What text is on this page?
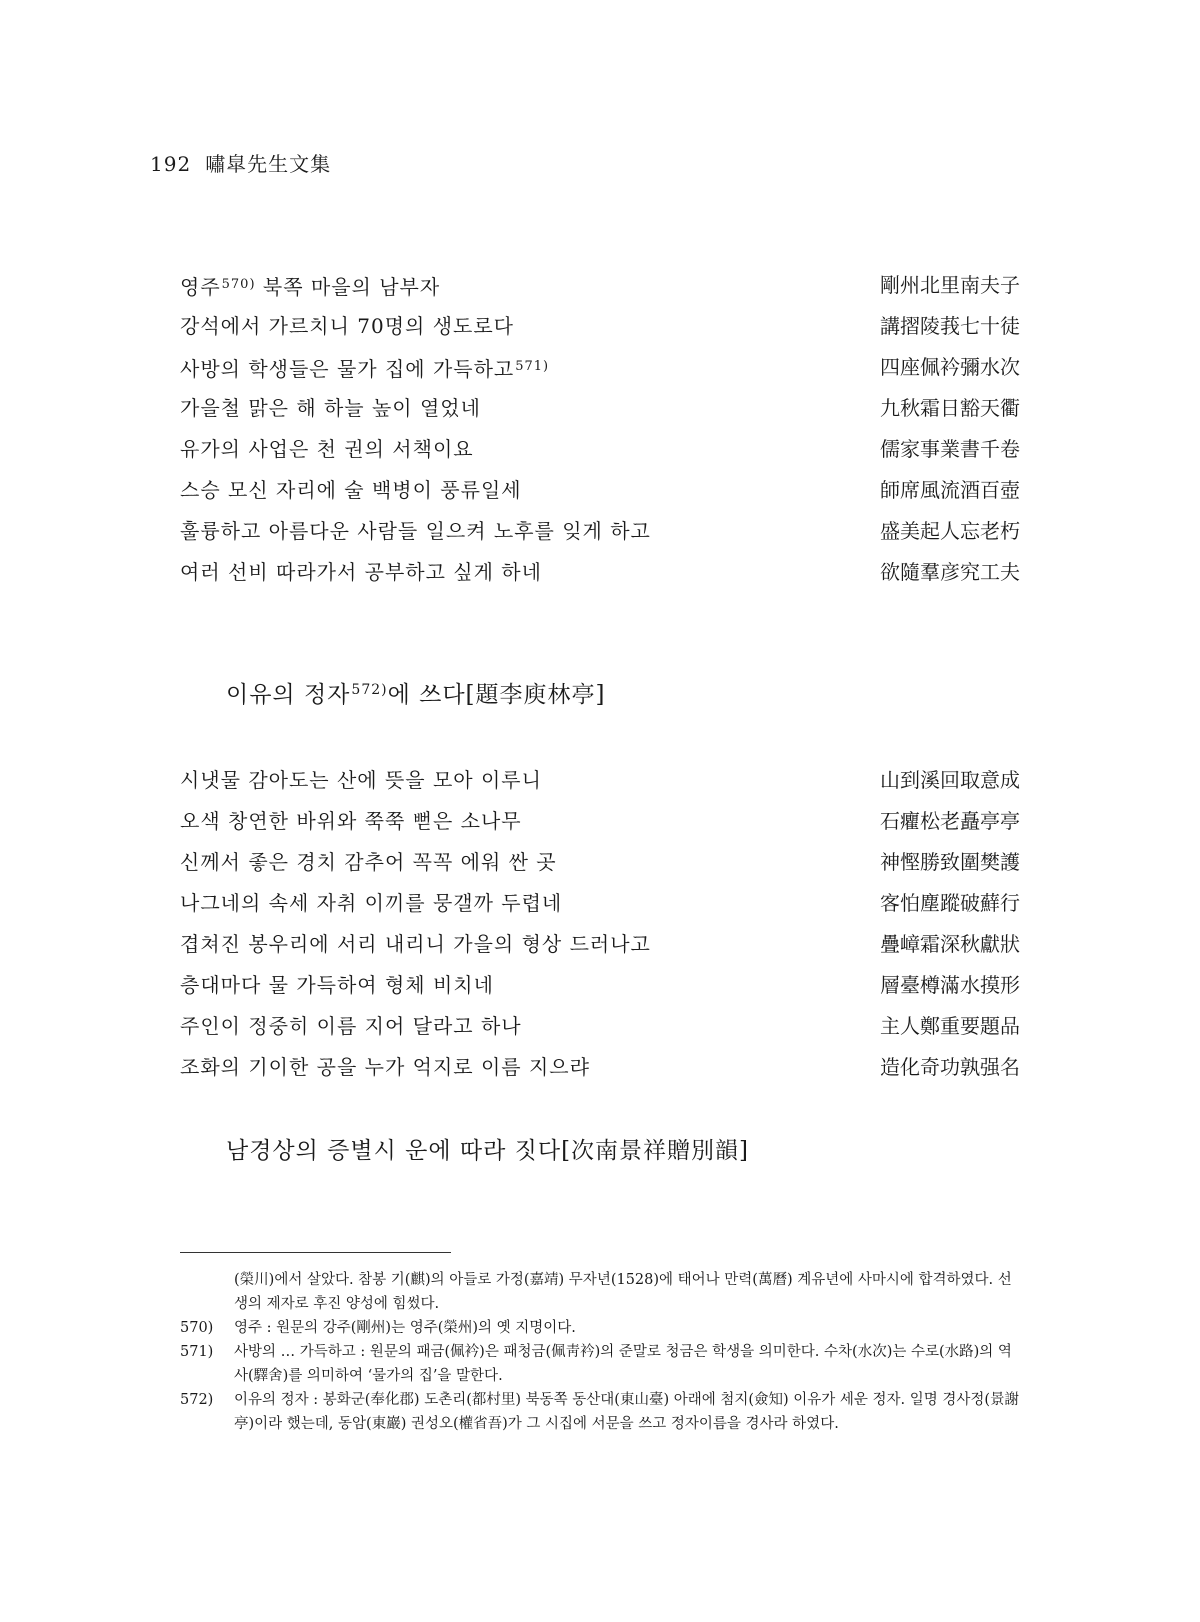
192 嘯皐先生文集
영주$^{570)}$ 북쪽 마을의 남부자	剛州北里南夫子
강석에서 가르치니 70명의 생도로다	講摺陵莪七十徒
사방의 학생들은 물가 집에 가득하고$^{571)}$	四座佩衿彌水次
가을철 맑은 해 하늘 높이 열었네	九秋霜日豁天衢
유가의 사업은 천 권의 서책이요	儒家事業書千卷
스승 모신 자리에 술 백병이 풍류일세	師席風流酒百壺
훌륭하고 아름다운 사람들 일으켜 노후를 잊게 하고	盛美起人忘老朽
여러 선비 따라가서 공부하고 싶게 하네	欲隨羣彦究工夫
이유의 정자$^{572)}$에 쓰다[題李庾林亭]
시냇물 감아도는 산에 뜻을 모아 이루니	山到溪回取意成
오색 창연한 바위와 쭉쭉 뻗은 소나무	石癯松老矗亭亭
신께서 좋은 경치 감추어 꼭꼭 에워 싼 곳	神慳勝致圍樊護
나그네의 속세 자취 이끼를 뭉갤까 두렵네	客怕塵蹤破蘚行
겹쳐진 봉우리에 서리 내리니 가을의 형상 드러나고	疊嶂霜深秋獻狀
층대마다 물 가득하여 형체 비치네	層臺樽滿水摸形
주인이 정중히 이름 지어 달라고 하나	主人鄭重要題品
조화의 기이한 공을 누가 억지로 이름 지으랴	造化奇功孰强名
남경상의 증별시 운에 따라 짓다[次南景祥贈別韻]
(榮川)에서 살았다. 참봉 기(麒)의 아들로 가정(嘉靖) 무자년(1528)에 태어나 만력(萬曆) 계유년에 사마시에 합격하였다. 선생의 제자로 후진 양성에 힘썼다.
570) 영주 : 원문의 강주(剛州)는 영주(榮州)의 옛 지명이다.
571) 사방의 … 가득하고 : 원문의 패금(佩衿)은 패청금(佩靑衿)의 준말로 청금은 학생을 의미한다. 수차(水次)는 수로(水路)의 역사(驛舍)를 의미하여 ‘물가의 집’을 말한다.
572) 이유의 정자 : 봉화군(奉化郡) 도촌리(都村里) 북동쪽 동산대(東山臺) 아래에 첨지(僉知) 이유가 세운 정자. 일명 경사정(景謝亭)이라 했는데, 동암(東巖) 권성오(權省吾)가 그 시집에 서문을 쓰고 정자이름을 경사라 하였다.
